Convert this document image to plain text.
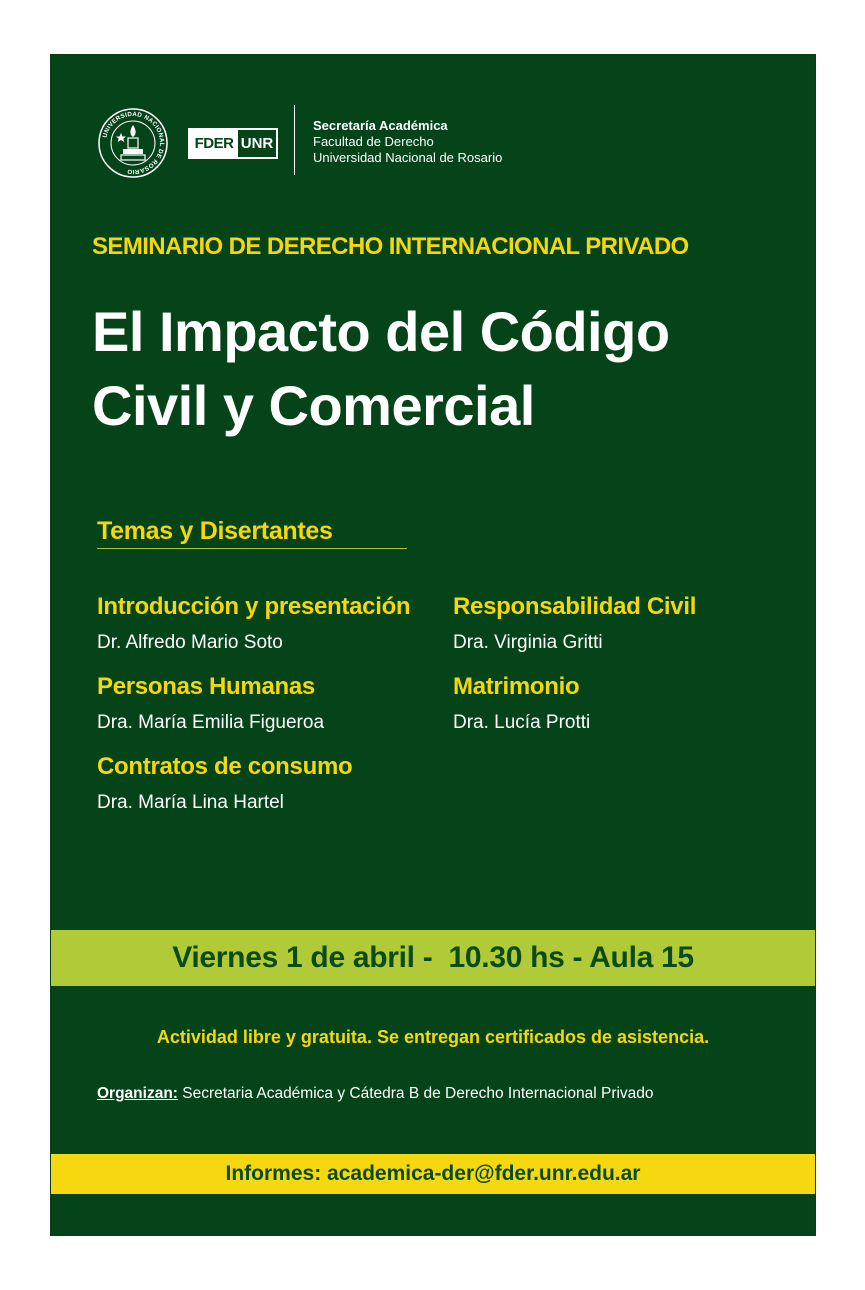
UNIVERSIDAD NACIONAL DE ROSARIO
FDER UNR
Secretaría Académica
Facultad de Derecho
Universidad Nacional de Rosario
SEMINARIO DE DERECHO INTERNACIONAL PRIVADO
El Impacto del Código
Civil y Comercial
Temas y Disertantes
Introducción y presentación
Dr. Alfredo Mario Soto
Personas Humanas
Dra. María Emilia Figueroa
Contratos de consumo
Dra. María Lina Hartel
Responsabilidad Civil
Dra. Virginia Gritti
Matrimonio
Dra. Lucía Protti
Viernes 1 de abril -  10.30 hs - Aula 15
Actividad libre y gratuita. Se entregan certificados de asistencia.
Organizan: Secretaria Académica y Cátedra B de Derecho Internacional Privado
Informes: academica-der@fder.unr.edu.ar
